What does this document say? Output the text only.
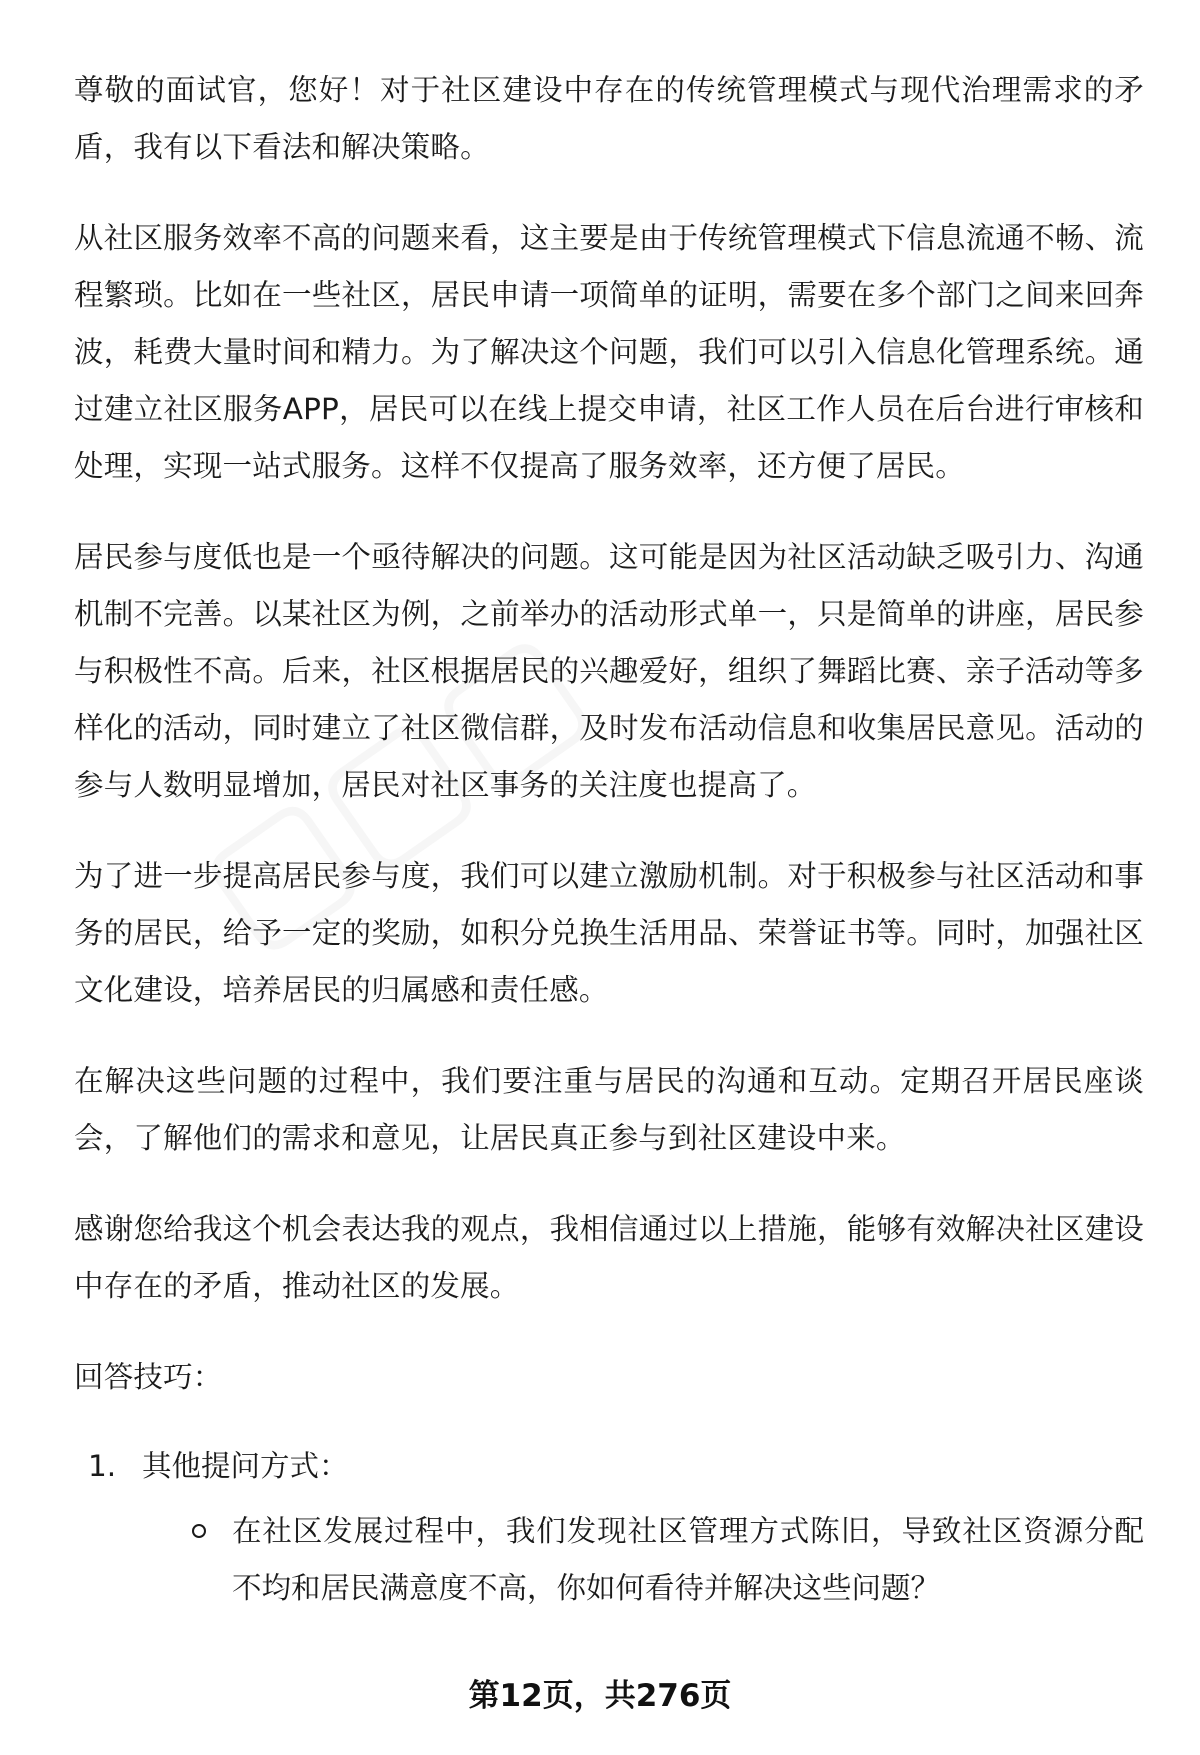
尊敬的面试官，您好！对于社区建设中存在的传统管理模式与现代治理需求的矛盾，我有以下看法和解决策略。

从社区服务效率不高的问题来看，这主要是由于传统管理模式下信息流通不畅、流程繁琐。比如在一些社区，居民申请一项简单的证明，需要在多个部门之间来回奔波，耗费大量时间和精力。为了解决这个问题，我们可以引入信息化管理系统。通过建立社区服务APP，居民可以在线上提交申请，社区工作人员在后台进行审核和处理，实现一站式服务。这样不仅提高了服务效率，还方便了居民。

居民参与度低也是一个亟待解决的问题。这可能是因为社区活动缺乏吸引力、沟通机制不完善。以某社区为例，之前举办的活动形式单一，只是简单的讲座，居民参与积极性不高。后来，社区根据居民的兴趣爱好，组织了舞蹈比赛、亲子活动等多样化的活动，同时建立了社区微信群，及时发布活动信息和收集居民意见。活动的参与人数明显增加，居民对社区事务的关注度也提高了。

为了进一步提高居民参与度，我们可以建立激励机制。对于积极参与社区活动和事务的居民，给予一定的奖励，如积分兑换生活用品、荣誉证书等。同时，加强社区文化建设，培养居民的归属感和责任感。

在解决这些问题的过程中，我们要注重与居民的沟通和互动。定期召开居民座谈会，了解他们的需求和意见，让居民真正参与到社区建设中来。

感谢您给我这个机会表达我的观点，我相信通过以上措施，能够有效解决社区建设中存在的矛盾，推动社区的发展。

回答技巧：

1. 其他提问方式：
在社区发展过程中，我们发现社区管理方式陈旧，导致社区资源分配不均和居民满意度不高，你如何看待并解决这些问题？
第12页，共276页
